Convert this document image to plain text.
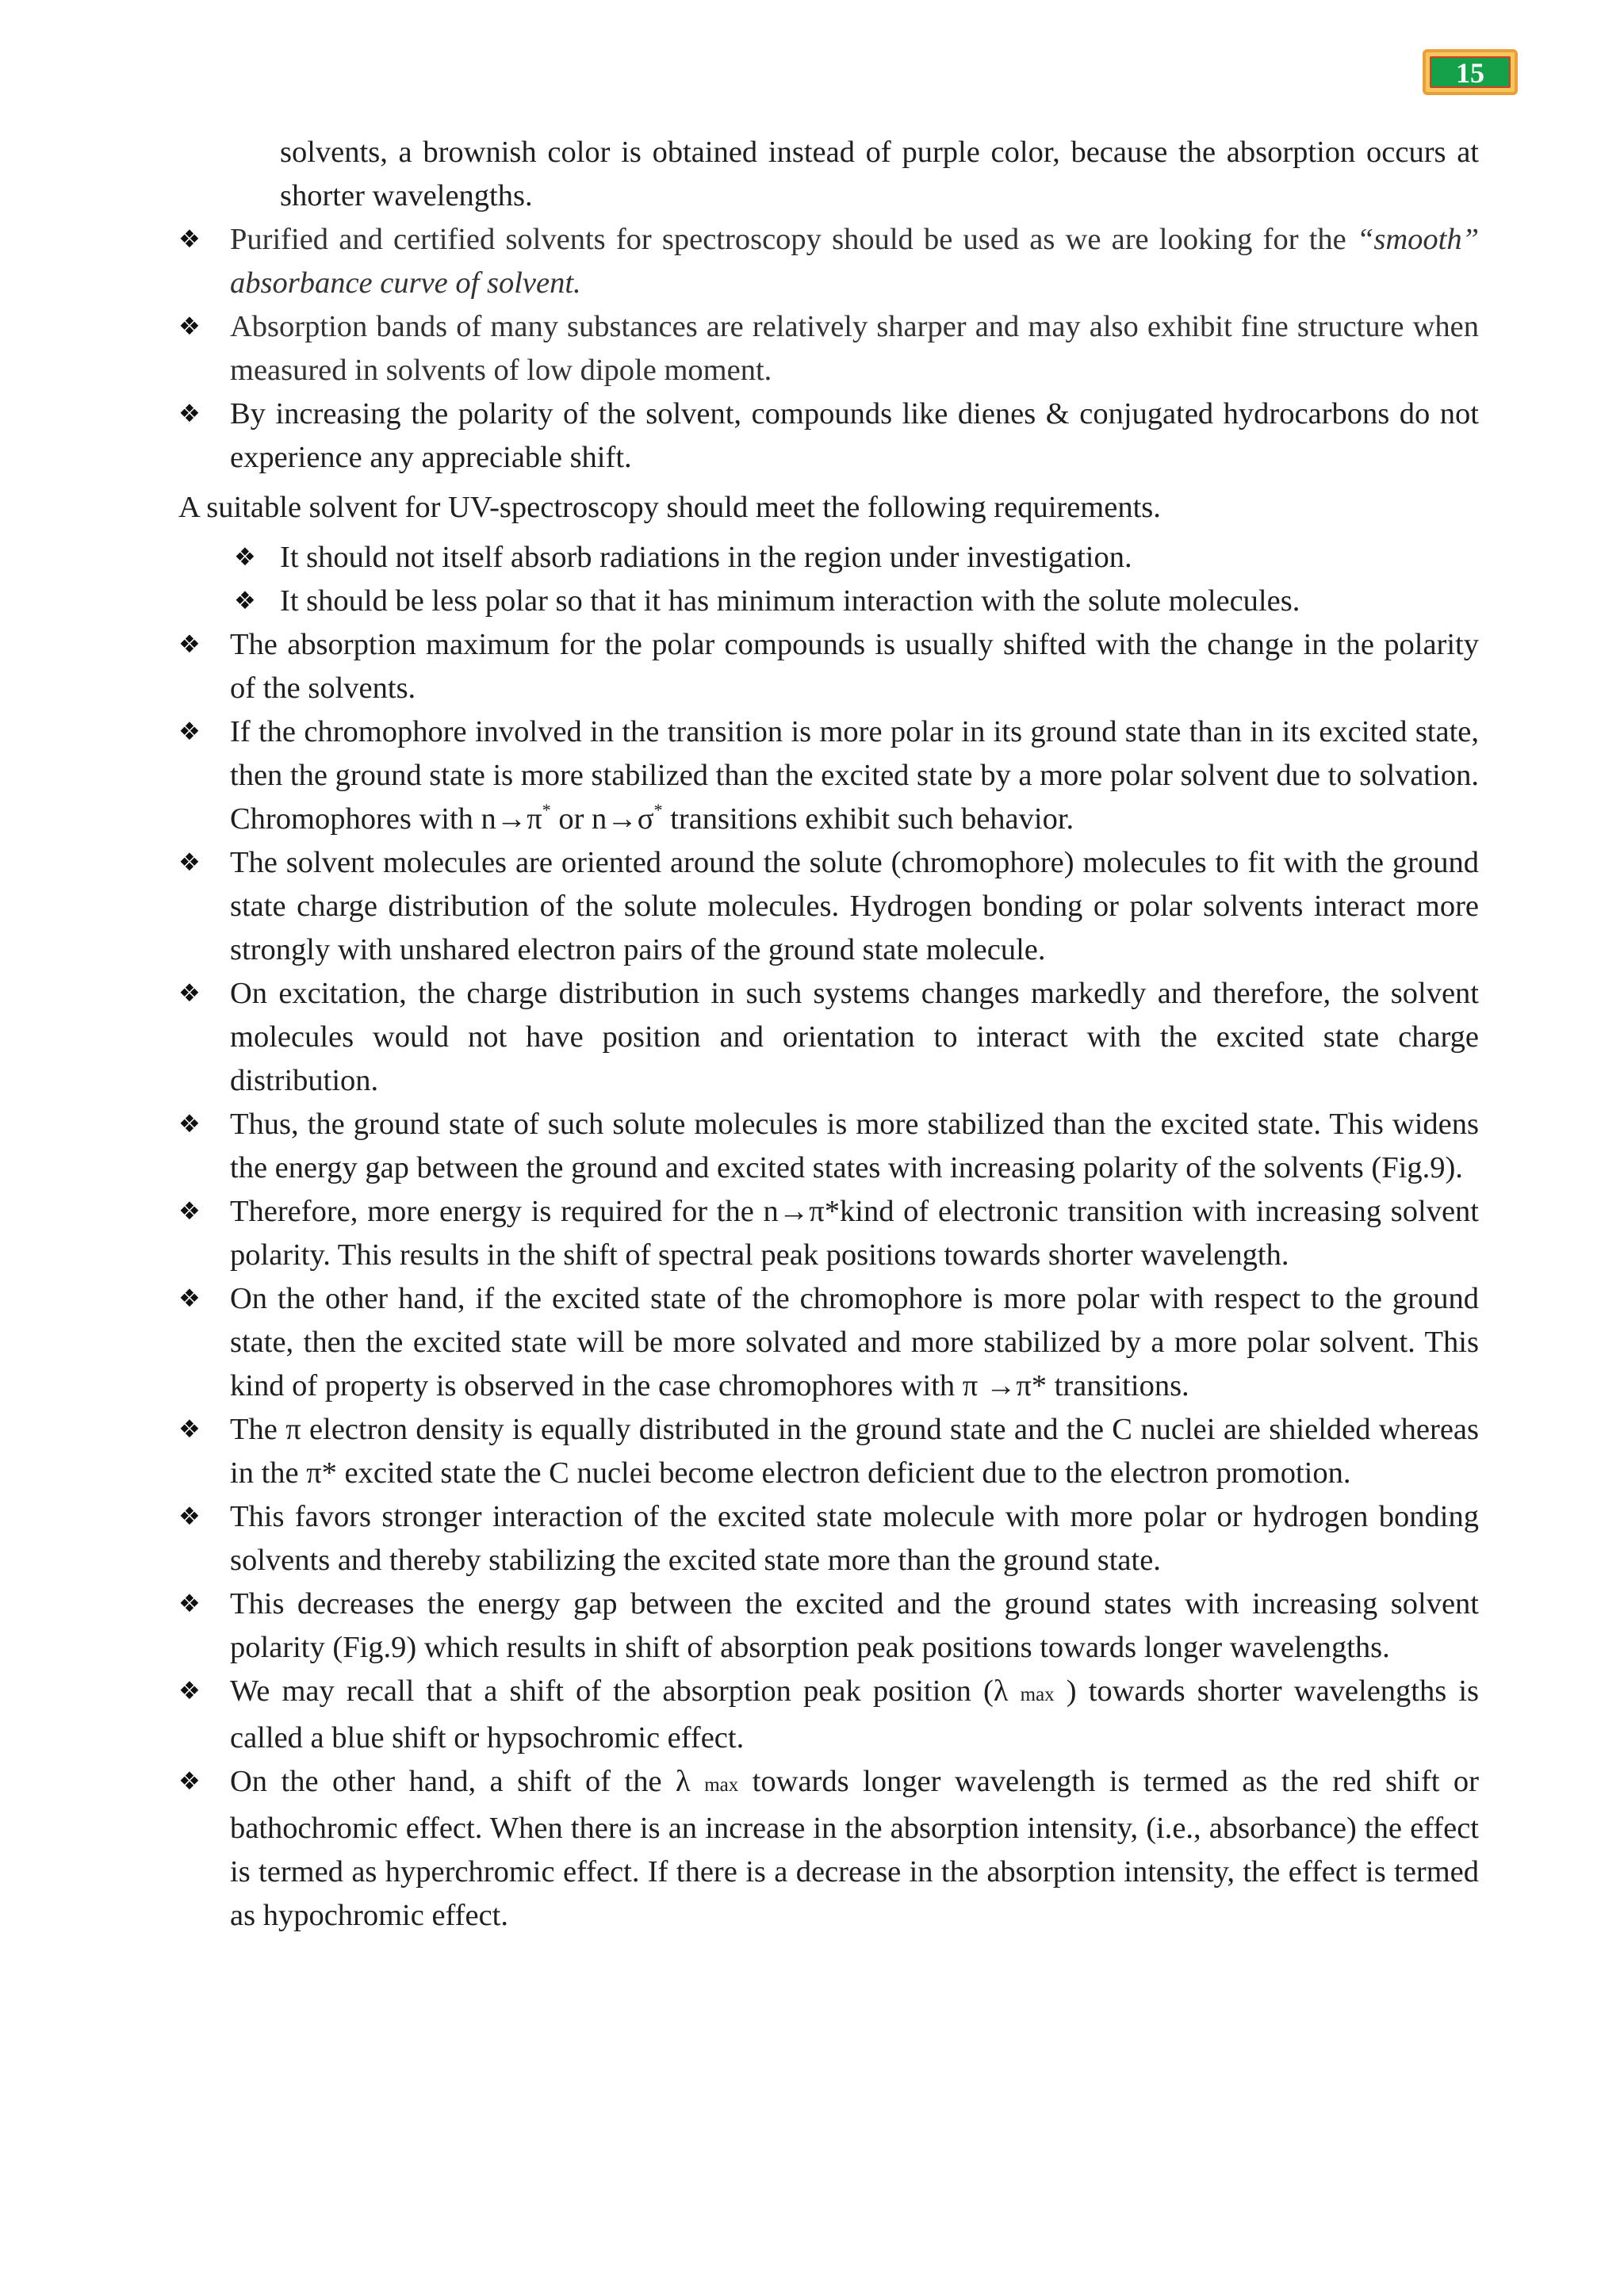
15
solvents, a brownish color is obtained instead of purple color, because the absorption occurs at shorter wavelengths.
❖ Purified and certified solvents for spectroscopy should be used as we are looking for the “smooth” absorbance curve of solvent.
❖ Absorption bands of many substances are relatively sharper and may also exhibit fine structure when measured in solvents of low dipole moment.
❖ By increasing the polarity of the solvent, compounds like dienes & conjugated hydrocarbons do not experience any appreciable shift.
A suitable solvent for UV-spectroscopy should meet the following requirements.
❖ It should not itself absorb radiations in the region under investigation.
❖ It should be less polar so that it has minimum interaction with the solute molecules.
❖ The absorption maximum for the polar compounds is usually shifted with the change in the polarity of the solvents.
❖ If the chromophore involved in the transition is more polar in its ground state than in its excited state, then the ground state is more stabilized than the excited state by a more polar solvent due to solvation. Chromophores with n→π* or n→σ* transitions exhibit such behavior.
❖ The solvent molecules are oriented around the solute (chromophore) molecules to fit with the ground state charge distribution of the solute molecules. Hydrogen bonding or polar solvents interact more strongly with unshared electron pairs of the ground state molecule.
❖ On excitation, the charge distribution in such systems changes markedly and therefore, the solvent molecules would not have position and orientation to interact with the excited state charge distribution.
❖ Thus, the ground state of such solute molecules is more stabilized than the excited state. This widens the energy gap between the ground and excited states with increasing polarity of the solvents (Fig.9).
❖ Therefore, more energy is required for the n→π*kind of electronic transition with increasing solvent polarity. This results in the shift of spectral peak positions towards shorter wavelength.
❖ On the other hand, if the excited state of the chromophore is more polar with respect to the ground state, then the excited state will be more solvated and more stabilized by a more polar solvent. This kind of property is observed in the case chromophores with π →π* transitions.
❖ The π electron density is equally distributed in the ground state and the C nuclei are shielded whereas in the π* excited state the C nuclei become electron deficient due to the electron promotion.
❖ This favors stronger interaction of the excited state molecule with more polar or hydrogen bonding solvents and thereby stabilizing the excited state more than the ground state.
❖ This decreases the energy gap between the excited and the ground states with increasing solvent polarity (Fig.9) which results in shift of absorption peak positions towards longer wavelengths.
❖ We may recall that a shift of the absorption peak position (λ max ) towards shorter wavelengths is called a blue shift or hypsochromic effect.
❖ On the other hand, a shift of the λ max towards longer wavelength is termed as the red shift or bathochromic effect. When there is an increase in the absorption intensity, (i.e., absorbance) the effect is termed as hyperchromic effect. If there is a decrease in the absorption intensity, the effect is termed as hypochromic effect.
